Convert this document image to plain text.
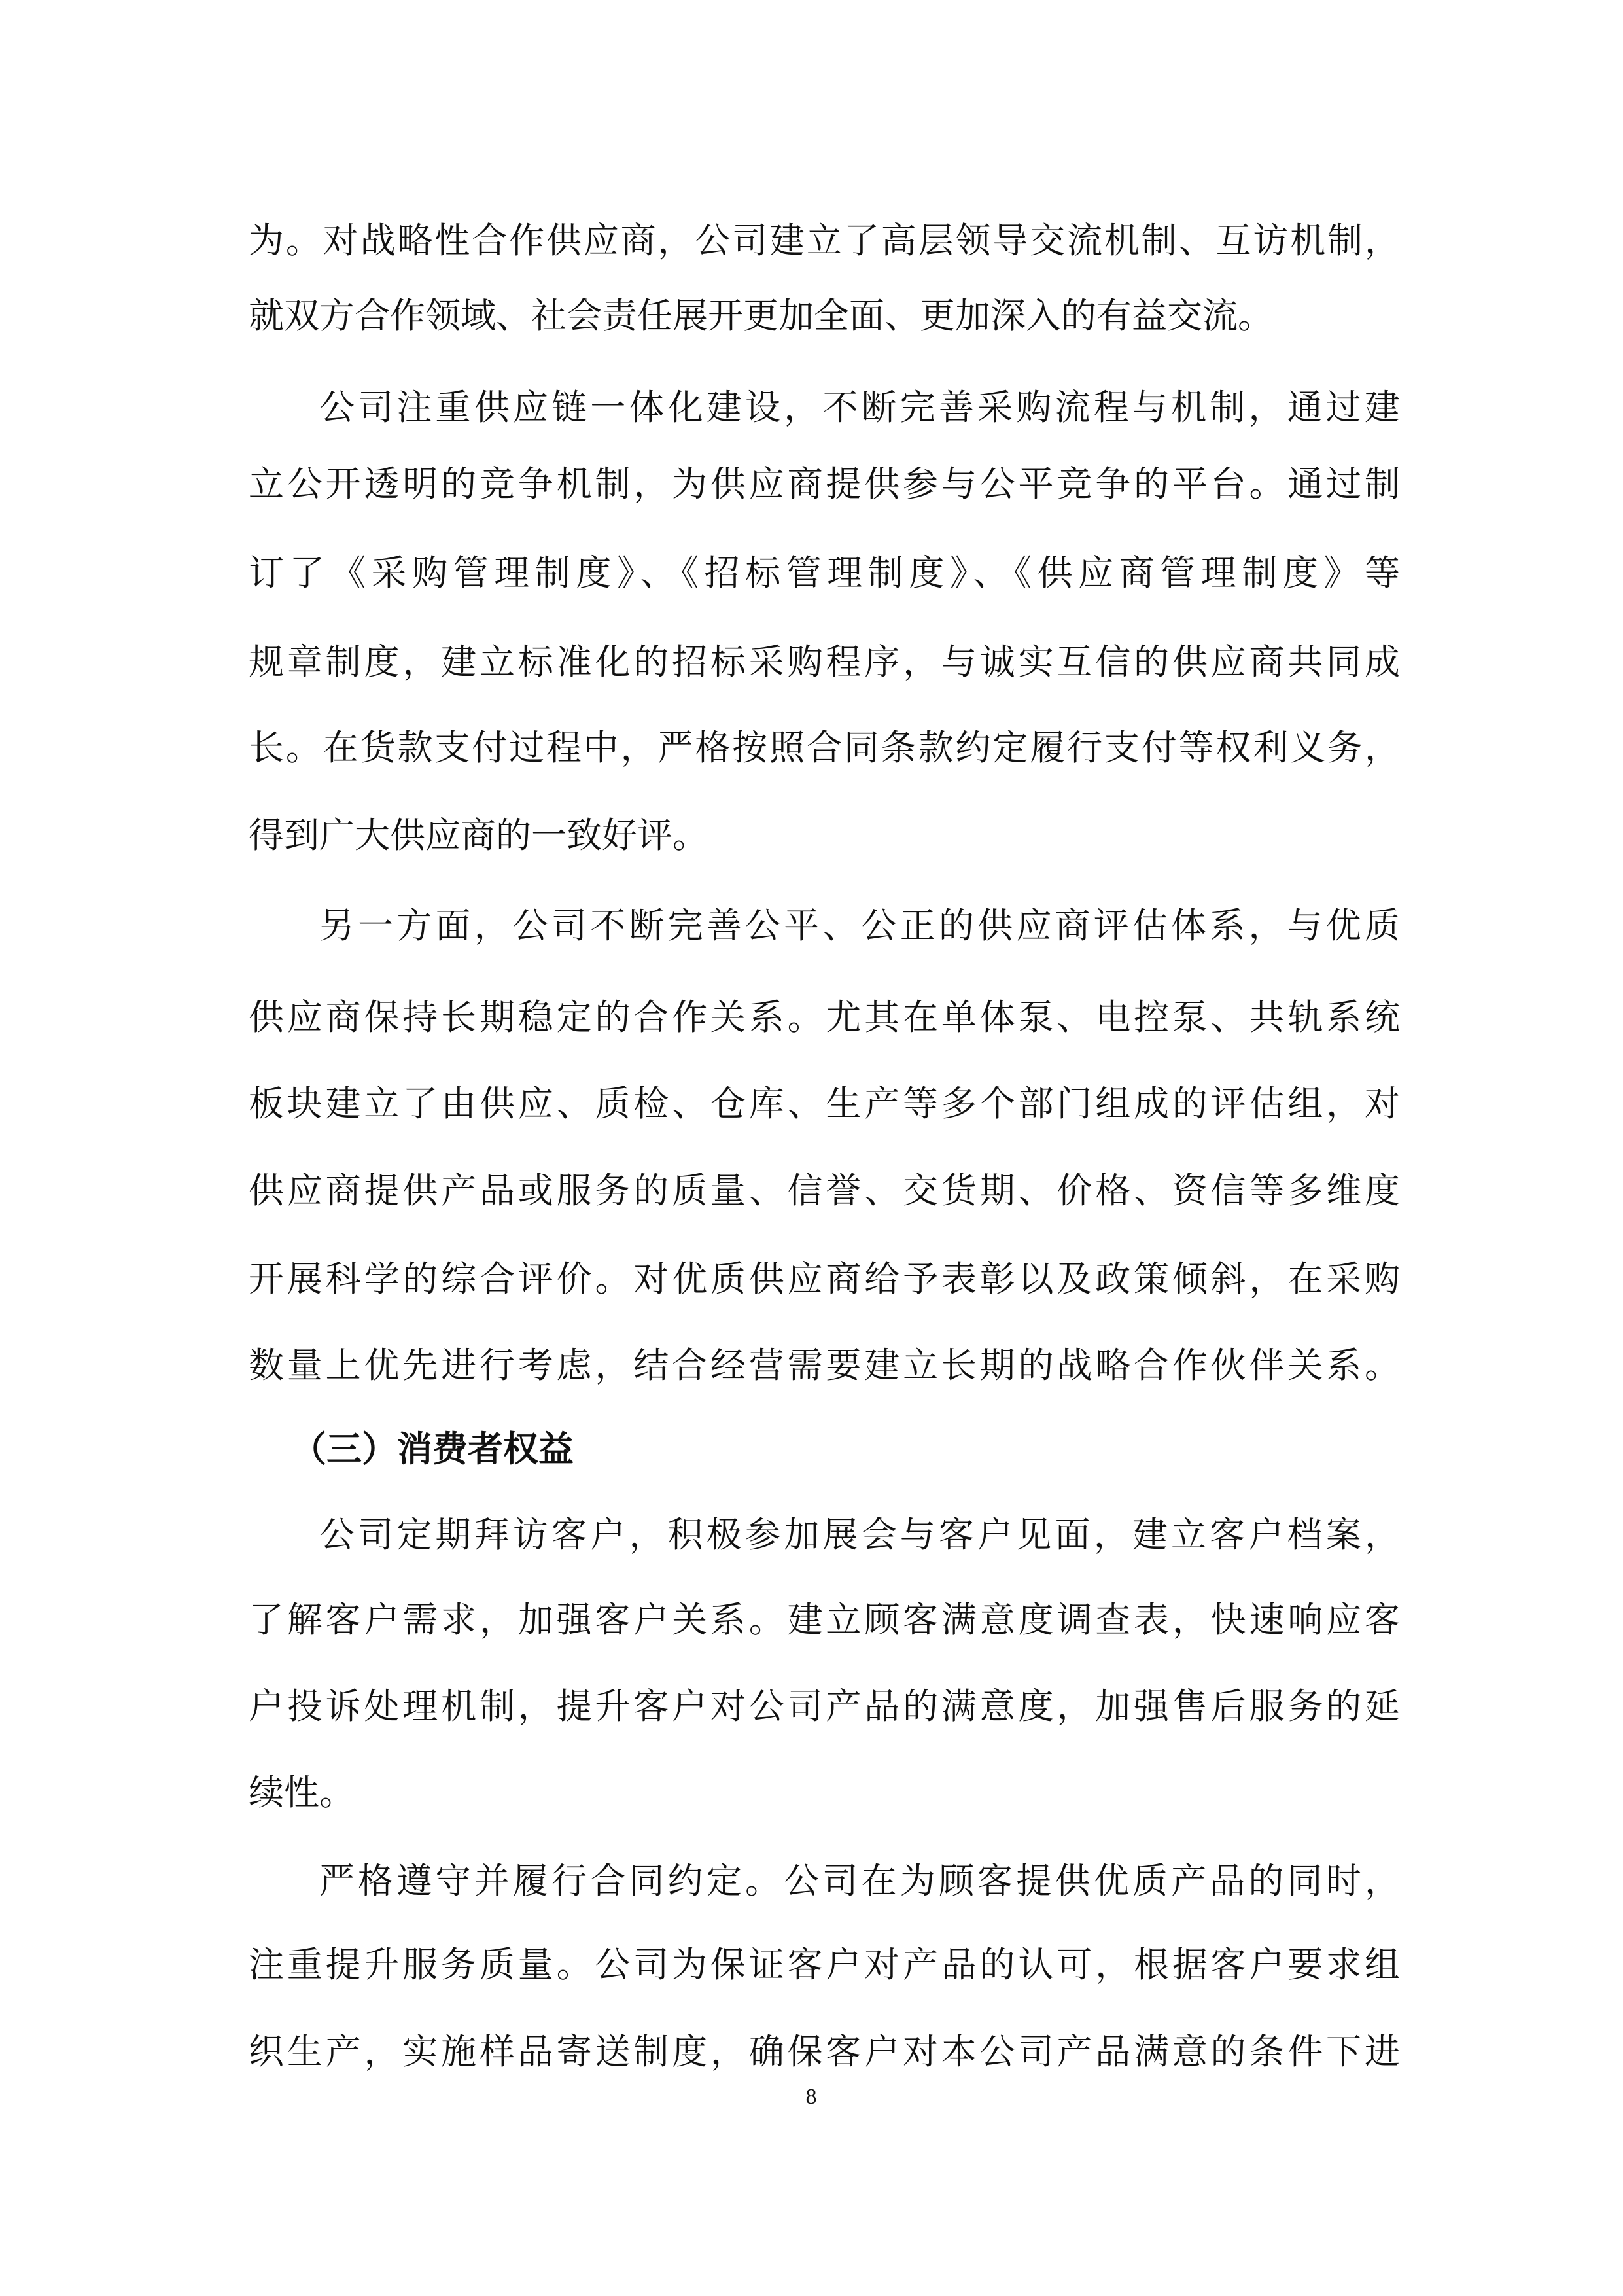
为。对战略性合作供应商，公司建立了高层领导交流机制、互访机制，
就双方合作领域、社会责任展开更加全面、更加深入的有益交流。
公司注重供应链一体化建设，不断完善采购流程与机制，通过建
立公开透明的竞争机制，为供应商提供参与公平竞争的平台。通过制
订了《采购管理制度》、《招标管理制度》、《供应商管理制度》等
规章制度，建立标准化的招标采购程序，与诚实互信的供应商共同成
长。在货款支付过程中，严格按照合同条款约定履行支付等权利义务，
得到广大供应商的一致好评。
另一方面，公司不断完善公平、公正的供应商评估体系，与优质
供应商保持长期稳定的合作关系。尤其在单体泵、电控泵、共轨系统
板块建立了由供应、质检、仓库、生产等多个部门组成的评估组，对
供应商提供产品或服务的质量、信誉、交货期、价格、资信等多维度
开展科学的综合评价。对优质供应商给予表彰以及政策倾斜，在采购
数量上优先进行考虑，结合经营需要建立长期的战略合作伙伴关系。
（三）消费者权益
公司定期拜访客户，积极参加展会与客户见面，建立客户档案，
了解客户需求，加强客户关系。建立顾客满意度调查表，快速响应客
户投诉处理机制，提升客户对公司产品的满意度，加强售后服务的延
续性。
严格遵守并履行合同约定。公司在为顾客提供优质产品的同时，
注重提升服务质量。公司为保证客户对产品的认可，根据客户要求组
织生产，实施样品寄送制度，确保客户对本公司产品满意的条件下进
8
